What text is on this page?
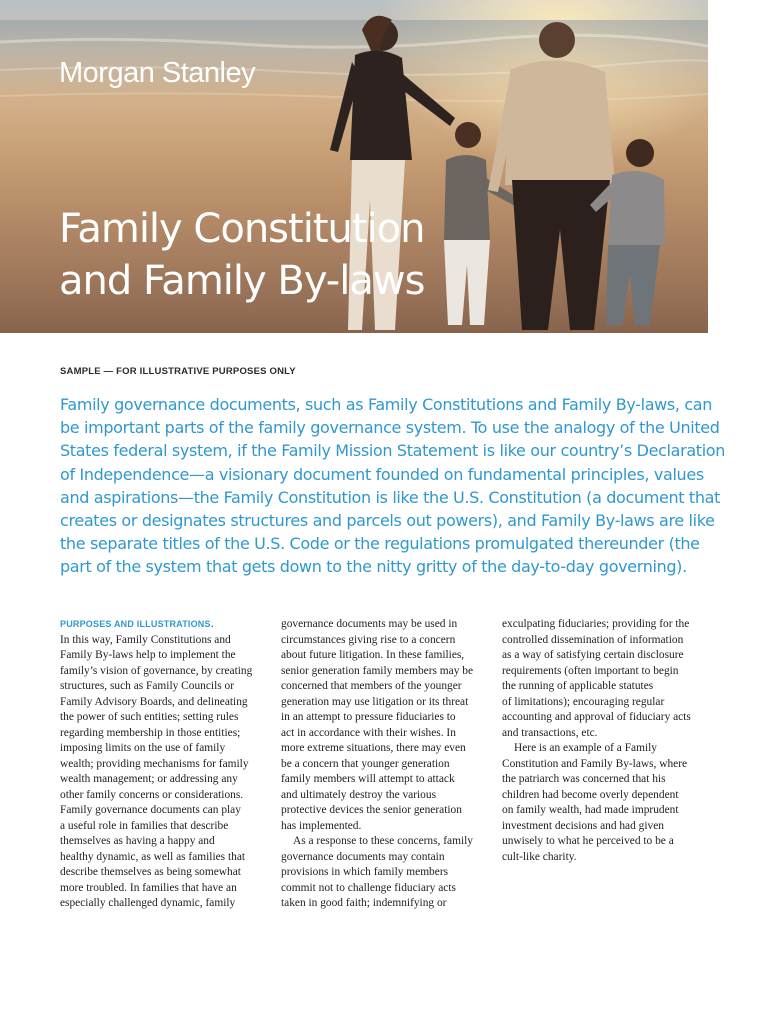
Morgan Stanley
Family Constitution
and Family By-laws

SAMPLE — FOR ILLUSTRATIVE PURPOSES ONLY

Family governance documents, such as Family Constitutions and Family By-laws, can
be important parts of the family governance system. To use the analogy of the United
States federal system, if the Family Mission Statement is like our country’s Declaration
of Independence—a visionary document founded on fundamental principles, values
and aspirations—the Family Constitution is like the U.S. Constitution (a document that
creates or designates structures and parcels out powers), and Family By-laws are like
the separate titles of the U.S. Code or the regulations promulgated thereunder (the
part of the system that gets down to the nitty gritty of the day-to-day governing).
PURPOSES AND ILLUSTRATIONS.
In this way, Family Constitutions and
Family By-laws help to implement the
family’s vision of governance, by creating
structures, such as Family Councils or
Family Advisory Boards, and delineating
the power of such entities; setting rules
regarding membership in those entities;
imposing limits on the use of family
wealth; providing mechanisms for family
wealth management; or addressing any
other family concerns or considerations.
Family governance documents can play
a useful role in families that describe
themselves as having a happy and
healthy dynamic, as well as families that
describe themselves as being somewhat
more troubled. In families that have an
especially challenged dynamic, family
governance documents may be used in
circumstances giving rise to a concern
about future litigation. In these families,
senior generation family members may be
concerned that members of the younger
generation may use litigation or its threat
in an attempt to pressure fiduciaries to
act in accordance with their wishes. In
more extreme situations, there may even
be a concern that younger generation
family members will attempt to attack
and ultimately destroy the various
protective devices the senior generation
has implemented.
As a response to these concerns, family
governance documents may contain
provisions in which family members
commit not to challenge fiduciary acts
taken in good faith; indemnifying or
exculpating fiduciaries; providing for the
controlled dissemination of information
as a way of satisfying certain disclosure
requirements (often important to begin
the running of applicable statutes
of limitations); encouraging regular
accounting and approval of fiduciary acts
and transactions, etc.
Here is an example of a Family
Constitution and Family By-laws, where
the patriarch was concerned that his
children had become overly dependent
on family wealth, had made imprudent
investment decisions and had given
unwisely to what he perceived to be a
cult-like charity.
